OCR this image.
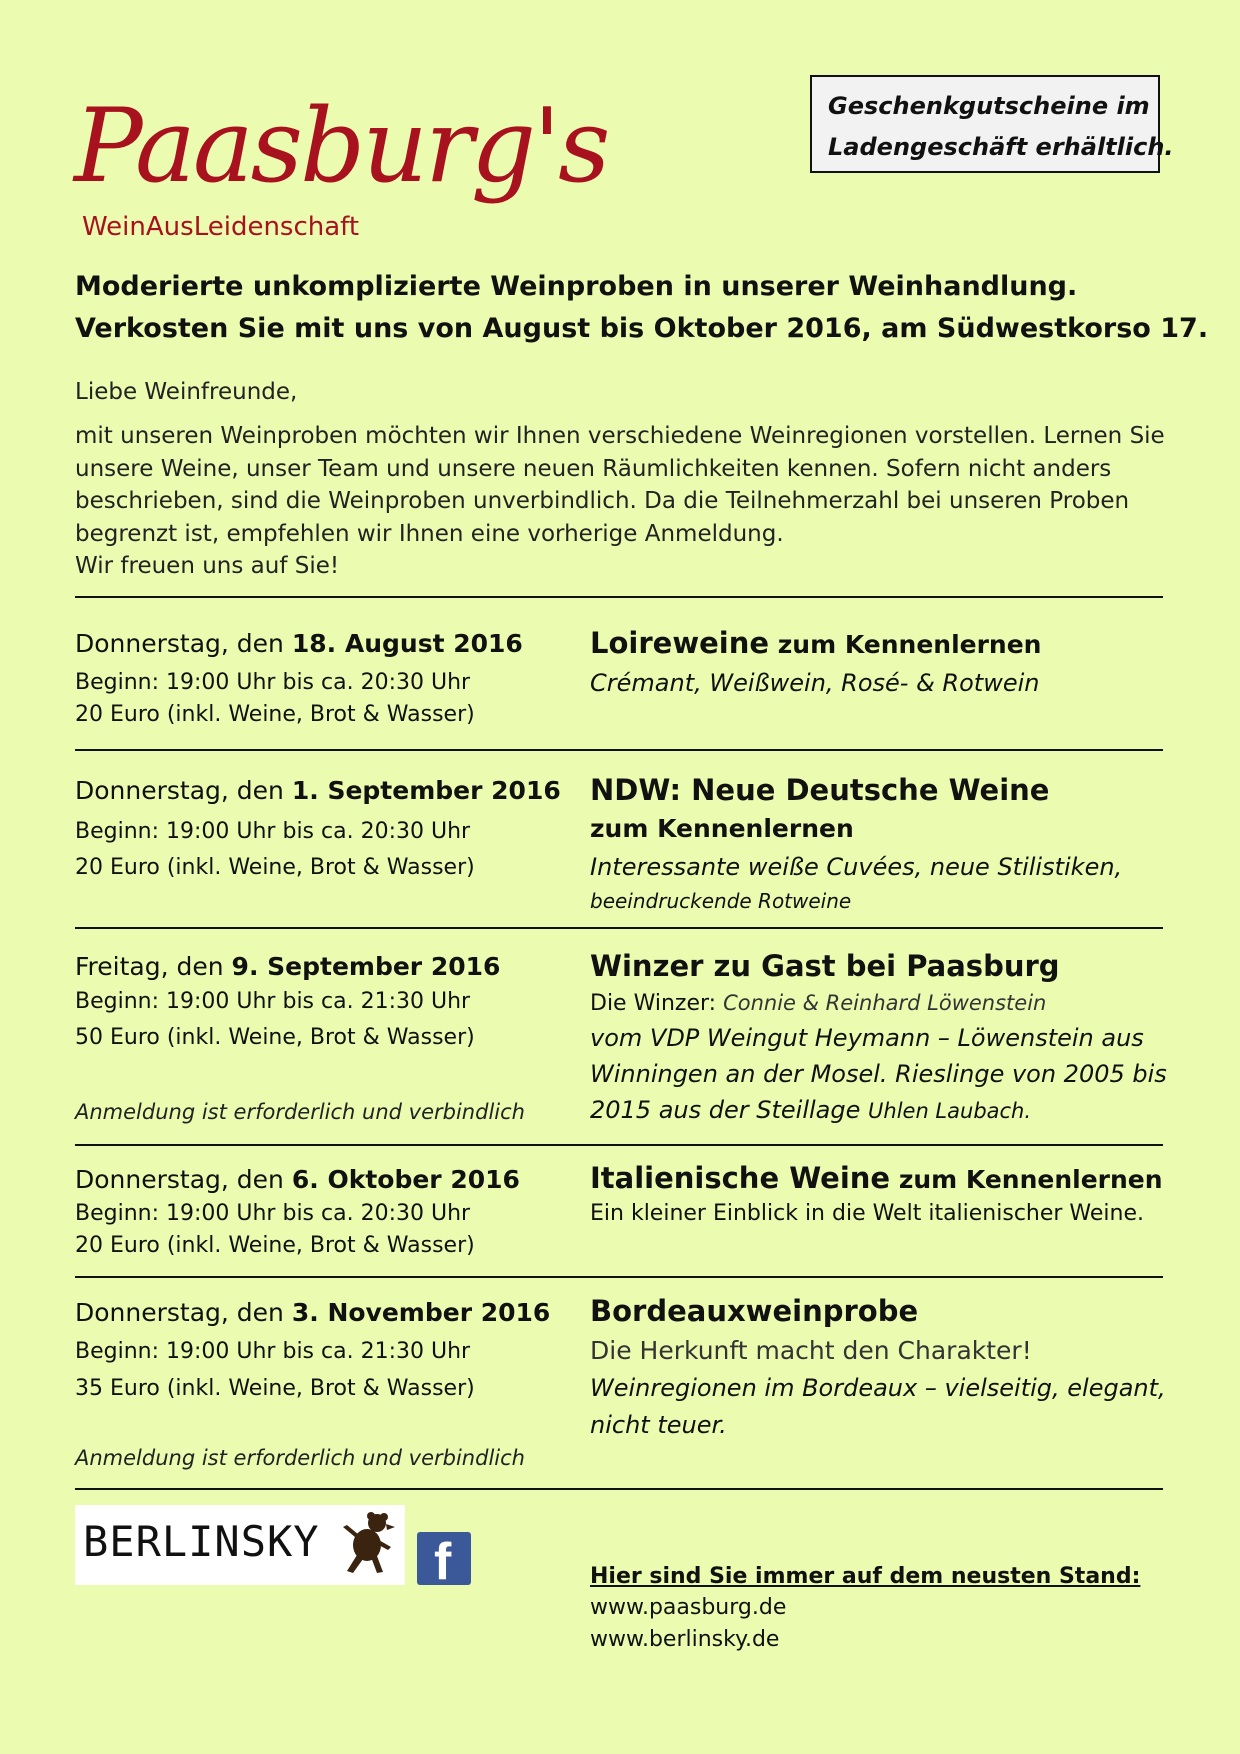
Paasburg's
WeinAusLeidenschaft
Geschenkgutscheine im
Ladengeschäft erhältlich.
Moderierte unkomplizierte Weinproben in unserer Weinhandlung.
Verkosten Sie mit uns von August bis Oktober 2016, am Südwestkorso 17.
Liebe Weinfreunde,
mit unseren Weinproben möchten wir Ihnen verschiedene Weinregionen vorstellen. Lernen Sie
unsere Weine, unser Team und unsere neuen Räumlichkeiten kennen. Sofern nicht anders
beschrieben, sind die Weinproben unverbindlich. Da die Teilnehmerzahl bei unseren Proben
begrenzt ist, empfehlen wir Ihnen eine vorherige Anmeldung.
Wir freuen uns auf Sie!
Donnerstag, den 18. August 2016
Beginn: 19:00 Uhr bis ca. 20:30 Uhr
20 Euro (inkl. Weine, Brot & Wasser)
Loireweine zum Kennenlernen
Crémant, Weißwein, Rosé- & Rotwein
Donnerstag, den 1. September 2016
Beginn: 19:00 Uhr bis ca. 20:30 Uhr
20 Euro (inkl. Weine, Brot & Wasser)
NDW: Neue Deutsche Weine
zum Kennenlernen
Interessante weiße Cuvées, neue Stilistiken,
beeindruckende Rotweine
Freitag, den 9. September 2016
Beginn: 19:00 Uhr bis ca. 21:30 Uhr
50 Euro (inkl. Weine, Brot & Wasser)
Anmeldung ist erforderlich und verbindlich
Winzer zu Gast bei Paasburg
Die Winzer: Connie & Reinhard Löwenstein
vom VDP Weingut Heymann – Löwenstein aus
Winningen an der Mosel. Rieslinge von 2005 bis
2015 aus der Steillage Uhlen Laubach.
Donnerstag, den 6. Oktober 2016
Beginn: 19:00 Uhr bis ca. 20:30 Uhr
20 Euro (inkl. Weine, Brot & Wasser)
Italienische Weine zum Kennenlernen
Ein kleiner Einblick in die Welt italienischer Weine.
Donnerstag, den 3. November 2016
Beginn: 19:00 Uhr bis ca. 21:30 Uhr
35 Euro (inkl. Weine, Brot & Wasser)
Anmeldung ist erforderlich und verbindlich
Bordeauxweinprobe
Die Herkunft macht den Charakter!
Weinregionen im Bordeaux – vielseitig, elegant,
nicht teuer.
BERLINSKY f	Hier sind Sie immer auf dem neusten Stand:
www.paasburg.de
www.berlinsky.de
